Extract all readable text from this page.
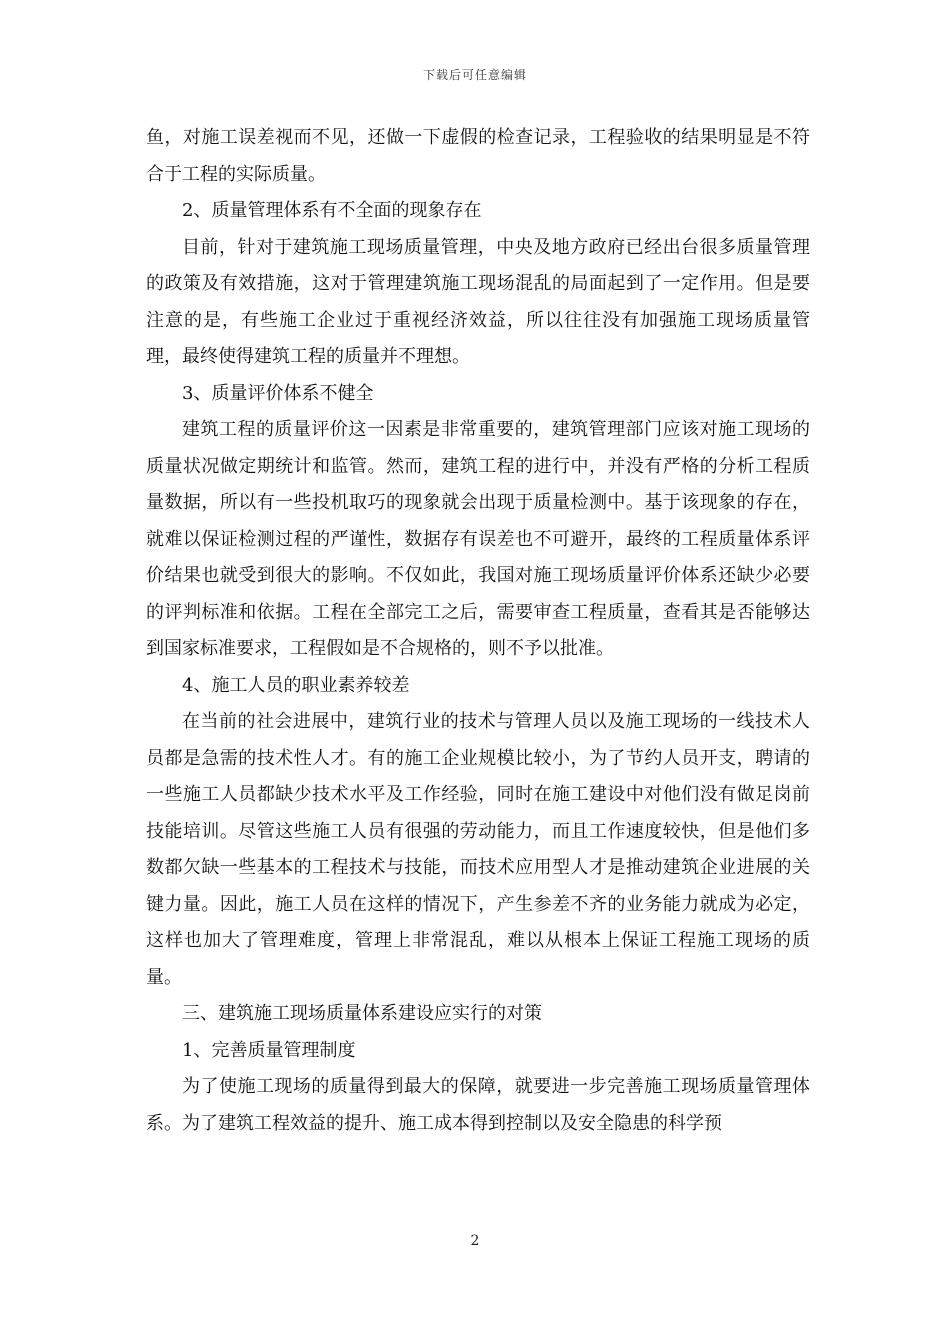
下载后可任意编辑

鱼，对施工误差视而不见，还做一下虚假的检查记录，工程验收的结果明显是不符合于工程的实际质量。

2、质量管理体系有不全面的现象存在

目前，针对于建筑施工现场质量管理，中央及地方政府已经出台很多质量管理的政策及有效措施，这对于管理建筑施工现场混乱的局面起到了一定作用。但是要注意的是，有些施工企业过于重视经济效益，所以往往没有加强施工现场质量管理，最终使得建筑工程的质量并不理想。

3、质量评价体系不健全

建筑工程的质量评价这一因素是非常重要的，建筑管理部门应该对施工现场的质量状况做定期统计和监管。然而，建筑工程的进行中，并没有严格的分析工程质量数据，所以有一些投机取巧的现象就会出现于质量检测中。基于该现象的存在，就难以保证检测过程的严谨性，数据存有误差也不可避开，最终的工程质量体系评价结果也就受到很大的影响。不仅如此，我国对施工现场质量评价体系还缺少必要的评判标准和依据。工程在全部完工之后，需要审查工程质量，查看其是否能够达到国家标准要求，工程假如是不合规格的，则不予以批准。

4、施工人员的职业素养较差

在当前的社会进展中，建筑行业的技术与管理人员以及施工现场的一线技术人员都是急需的技术性人才。有的施工企业规模比较小，为了节约人员开支，聘请的一些施工人员都缺少技术水平及工作经验，同时在施工建设中对他们没有做足岗前技能培训。尽管这些施工人员有很强的劳动能力，而且工作速度较快，但是他们多数都欠缺一些基本的工程技术与技能，而技术应用型人才是推动建筑企业进展的关键力量。因此，施工人员在这样的情况下，产生参差不齐的业务能力就成为必定，这样也加大了管理难度，管理上非常混乱，难以从根本上保证工程施工现场的质量。

三、建筑施工现场质量体系建设应实行的对策

1、完善质量管理制度

为了使施工现场的质量得到最大的保障，就要进一步完善施工现场质量管理体系。为了建筑工程效益的提升、施工成本得到控制以及安全隐患的科学预

2
